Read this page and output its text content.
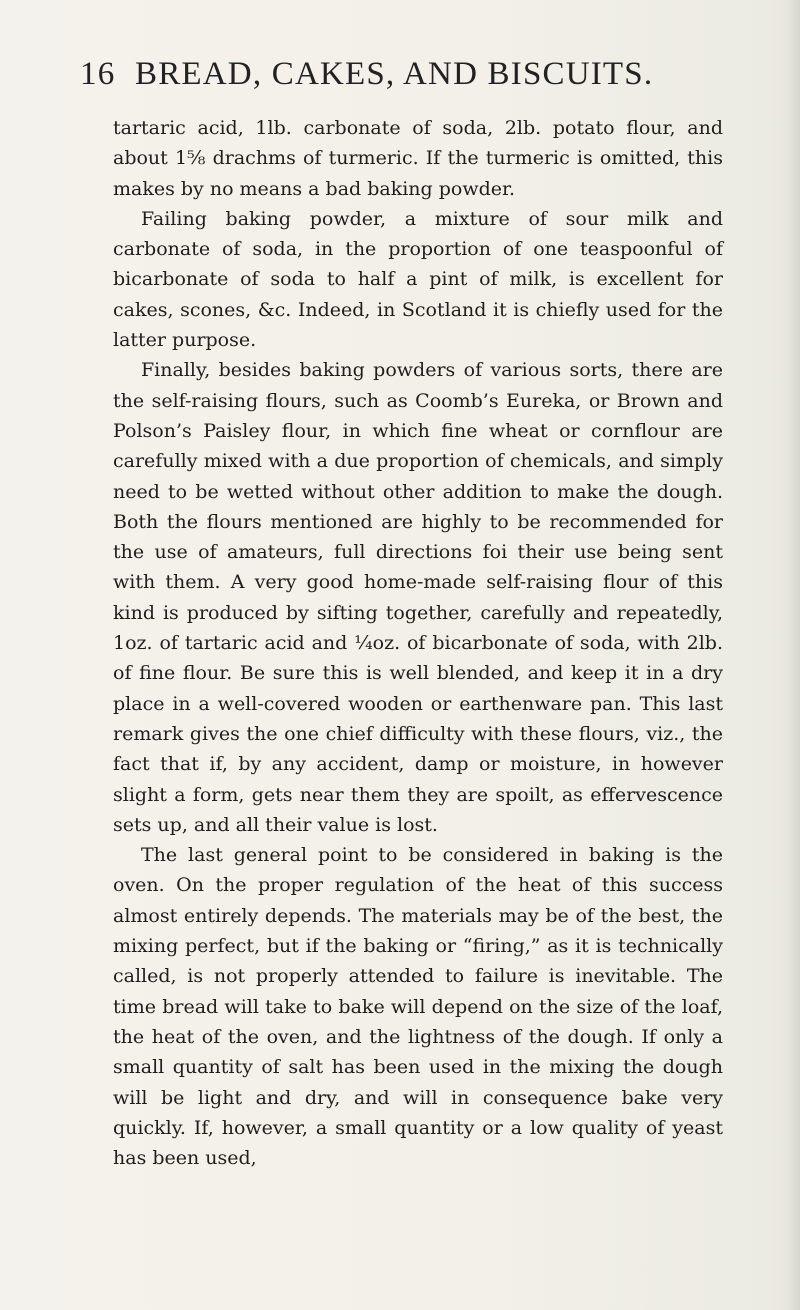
16 BREAD, CAKES, AND BISCUITS.

tartaric acid, 1lb. carbonate of soda, 2lb. potato flour, and about 1⅝ drachms of turmeric. If the turmeric is omitted, this makes by no means a bad baking powder.

Failing baking powder, a mixture of sour milk and carbonate of soda, in the proportion of one teaspoonful of bicarbonate of soda to half a pint of milk, is excellent for cakes, scones, &c. Indeed, in Scotland it is chiefly used for the latter purpose.

Finally, besides baking powders of various sorts, there are the self-raising flours, such as Coomb’s Eureka, or Brown and Polson’s Paisley flour, in which fine wheat or cornflour are carefully mixed with a due proportion of chemicals, and simply need to be wetted without other addition to make the dough. Both the flours mentioned are highly to be recommended for the use of amateurs, full directions foi their use being sent with them. A very good home-made self-raising flour of this kind is produced by sifting together, carefully and repeatedly, 1oz. of tartaric acid and ¼oz. of bicarbonate of soda, with 2lb. of fine flour. Be sure this is well blended, and keep it in a dry place in a well-covered wooden or earthenware pan. This last remark gives the one chief difficulty with these flours, viz., the fact that if, by any accident, damp or moisture, in however slight a form, gets near them they are spoilt, as effervescence sets up, and all their value is lost.

The last general point to be considered in baking is the oven. On the proper regulation of the heat of this success almost entirely depends. The materials may be of the best, the mixing perfect, but if the baking or “firing,” as it is technically called, is not properly attended to failure is inevitable. The time bread will take to bake will depend on the size of the loaf, the heat of the oven, and the lightness of the dough. If only a small quantity of salt has been used in the mixing the dough will be light and dry, and will in consequence bake very quickly. If, however, a small quantity or a low quality of yeast has been used,
